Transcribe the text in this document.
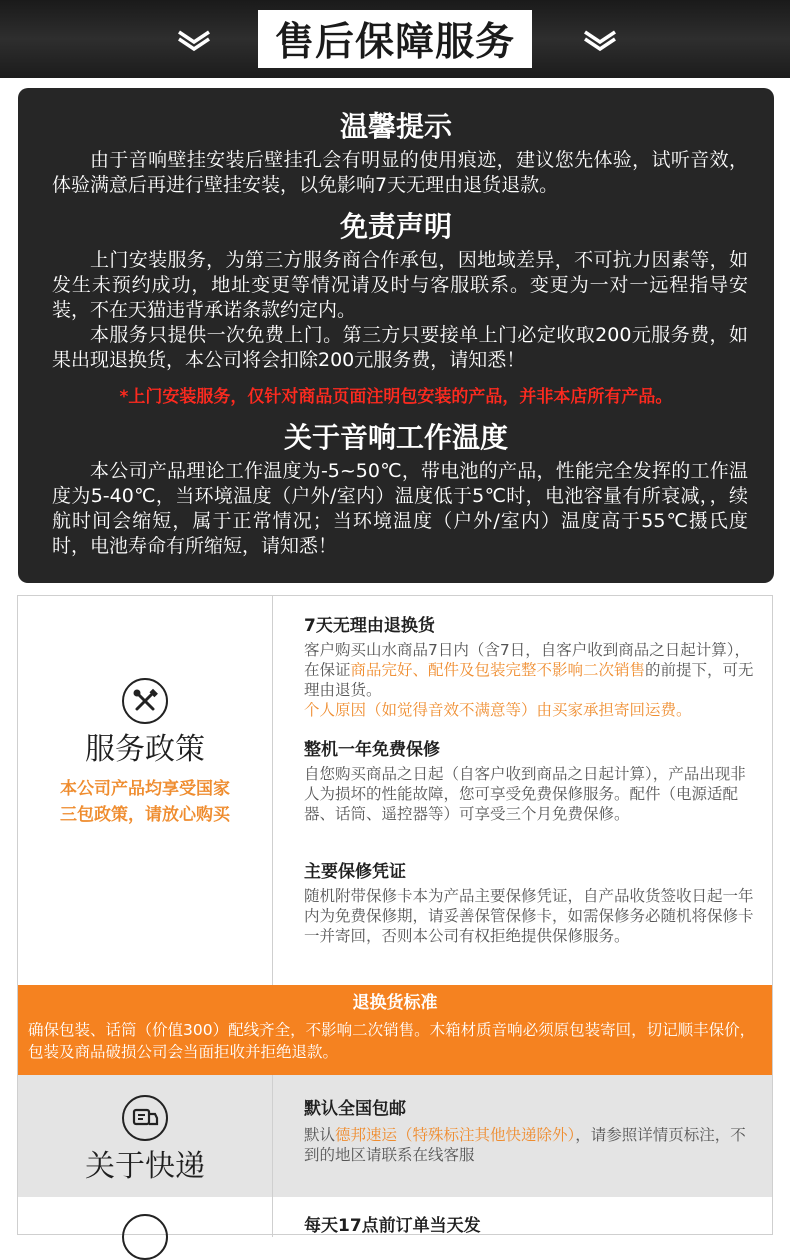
售后保障服务
温馨提示
由于音响壁挂安装后壁挂孔会有明显的使用痕迹，建议您先体验，试听音效，体验满意后再进行壁挂安装，以免影响7天无理由退货退款。
免责声明
上门安装服务，为第三方服务商合作承包，因地域差异，不可抗力因素等，如发生未预约成功，地址变更等情况请及时与客服联系。变更为一对一远程指导安装，不在天猫违背承诺条款约定内。
本服务只提供一次免费上门。第三方只要接单上门必定收取200元服务费，如果出现退换货，本公司将会扣除200元服务费，请知悉！
*上门安装服务，仅针对商品页面注明包安装的产品，并非本店所有产品。
关于音响工作温度
本公司产品理论工作温度为-5~50℃，带电池的产品，性能完全发挥的工作温度为5-40℃，当环境温度（户外/室内）温度低于5℃时，电池容量有所衰减，，续航时间会缩短，属于正常情况；当环境温度（户外/室内）温度高于55℃摄氏度时，电池寿命有所缩短，请知悉！
服务政策
本公司产品均享受国家三包政策，请放心购买
7天无理由退换货
客户购买山水商品7日内（含7日，自客户收到商品之日起计算），在保证商品完好、配件及包装完整不影响二次销售的前提下，可无理由退货。
个人原因（如觉得音效不满意等）由买家承担寄回运费。
整机一年免费保修
自您购买商品之日起（自客户收到商品之日起计算），产品出现非人为损坏的性能故障，您可享受免费保修服务。配件（电源适配器、话筒、遥控器等）可享受三个月免费保修。
主要保修凭证
随机附带保修卡本为产品主要保修凭证，自产品收货签收日起一年内为免费保修期，请妥善保管保修卡，如需保修务必随机将保修卡一并寄回，否则本公司有权拒绝提供保修服务。
退换货标准
确保包装、话筒（价值300）配线齐全，不影响二次销售。木箱材质音响必须原包装寄回，切记顺丰保价，包装及商品破损公司会当面拒收并拒绝退款。
关于快递
默认全国包邮
默认德邦速运（特殊标注其他快递除外），请参照详情页标注，不到的地区请联系在线客服
每天17点前订单当天发
